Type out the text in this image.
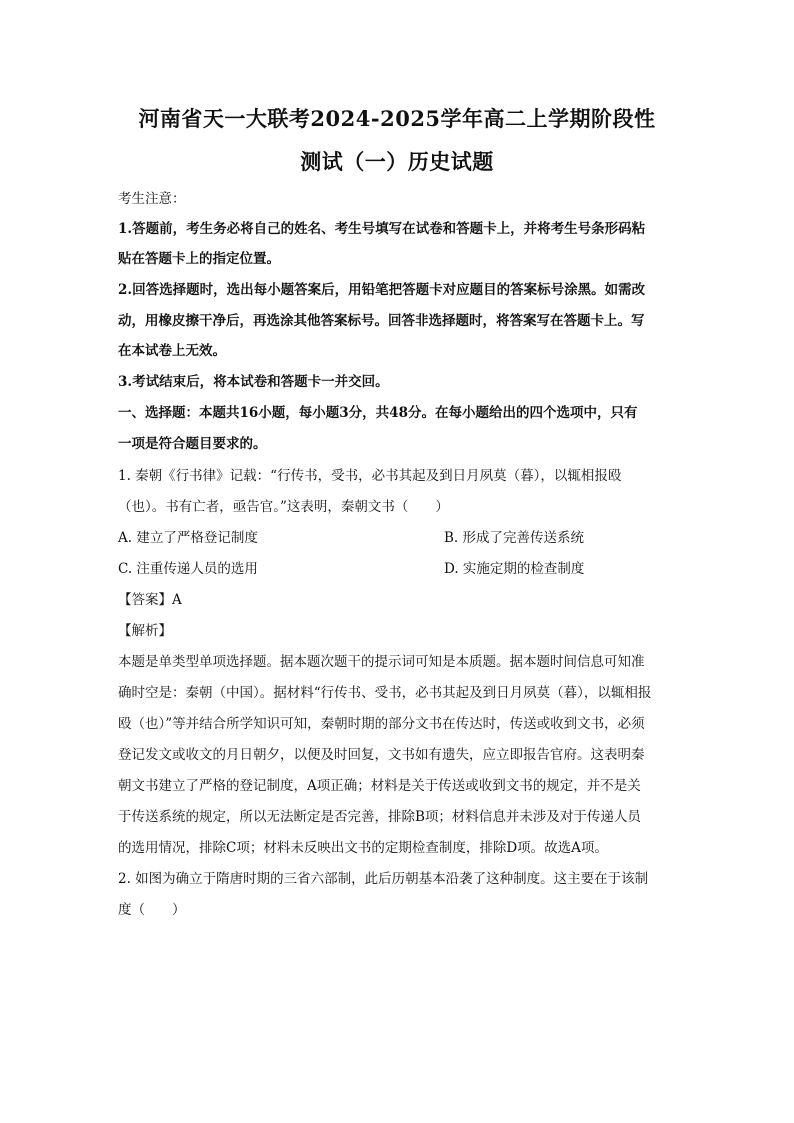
河南省天一大联考2024-2025学年高二上学期阶段性
测试（一）历史试题
考生注意：
1.答题前，考生务必将自己的姓名、考生号填写在试卷和答题卡上，并将考生号条形码粘
贴在答题卡上的指定位置。
2.回答选择题时，选出每小题答案后，用铅笔把答题卡对应题目的答案标号涂黑。如需改
动，用橡皮擦干净后，再选涂其他答案标号。回答非选择题时，将答案写在答题卡上。写
在本试卷上无效。
3.考试结束后，将本试卷和答题卡一并交回。
一、选择题：本题共16小题，每小题3分，共48分。在每小题给出的四个选项中，只有
一项是符合题目要求的。
1. 秦朝《行书律》记载：“行传书，受书，必书其起及到日月夙莫（暮），以辄相报殴
（也）。书有亡者，亟告官。”这表明，秦朝文书（　　）
A. 建立了严格登记制度	B. 形成了完善传送系统
C. 注重传递人员的选用	D. 实施定期的检查制度
【答案】A
【解析】
本题是单类型单项选择题。据本题次题干的提示词可知是本质题。据本题时间信息可知准
确时空是：秦朝（中国）。据材料“行传书、受书，必书其起及到日月夙莫（暮），以辄相报
殴（也）”等并结合所学知识可知，秦朝时期的部分文书在传达时，传送或收到文书，必须
登记发文或收文的月日朝夕，以便及时回复，文书如有遗失，应立即报告官府。这表明秦
朝文书建立了严格的登记制度，A项正确；材料是关于传送或收到文书的规定，并不是关
于传送系统的规定，所以无法断定是否完善，排除B项；材料信息并未涉及对于传递人员
的选用情况，排除C项；材料未反映出文书的定期检查制度，排除D项。故选A项。
2. 如图为确立于隋唐时期的三省六部制，此后历朝基本沿袭了这种制度。这主要在于该制
度（　　）
